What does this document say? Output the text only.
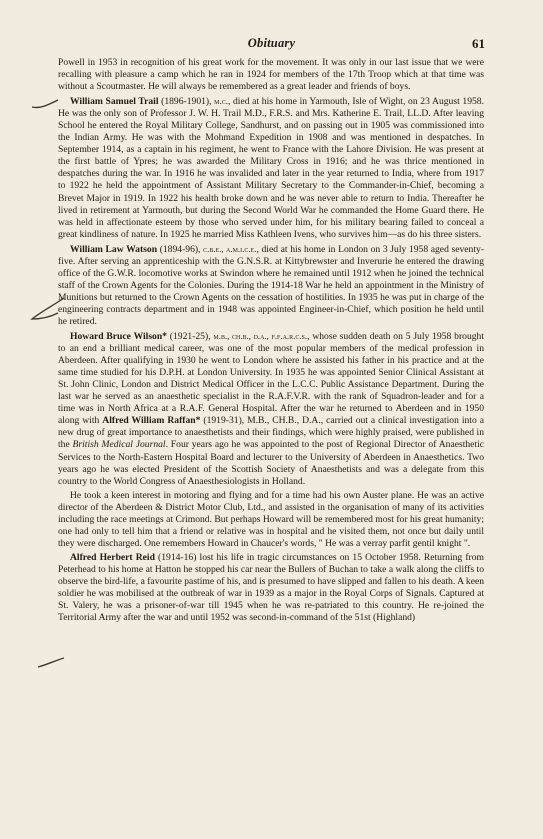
Obituary	61

Powell in 1953 in recognition of his great work for the movement. It was only in our last issue that we were recalling with pleasure a camp which he ran in 1924 for members of the 17th Troop which at that time was without a Scoutmaster. He will always be remembered as a great leader and friends of boys.

William Samuel Trail (1896-1901), m.c., died at his home in Yarmouth, Isle of Wight, on 23 August 1958. He was the only son of Professor J. W. H. Trail M.D., F.R.S. and Mrs. Katherine E. Trail, LL.D. After leaving School he entered the Royal Military College, Sandhurst, and on passing out in 1905 was commissioned into the Indian Army. He was with the Mohmand Expedition in 1908 and was mentioned in despatches. In September 1914, as a captain in his regiment, he went to France with the Lahore Division. He was present at the first battle of Ypres; he was awarded the Military Cross in 1916; and he was thrice mentioned in despatches during the war. In 1916 he was invalided and later in the year returned to India, where from 1917 to 1922 he held the appointment of Assistant Military Secretary to the Commander-in-Chief, becoming a Brevet Major in 1919. In 1922 his health broke down and he was never able to return to India. Thereafter he lived in retirement at Yarmouth, but during the Second World War he commanded the Home Guard there. He was held in affectionate esteem by those who served under him, for his military bearing failed to conceal a great kindliness of nature. In 1925 he married Miss Kathleen Ivens, who survives him—as do his three sisters.

William Law Watson (1894-96), c.b.e., a.m.i.c.e., died at his home in London on 3 July 1958 aged seventy-five. After serving an apprenticeship with the G.N.S.R. at Kittybrewster and Inverurie he entered the drawing office of the G.W.R. locomotive works at Swindon where he remained until 1912 when he joined the technical staff of the Crown Agents for the Colonies. During the 1914-18 War he held an appointment in the Ministry of Munitions but returned to the Crown Agents on the cessation of hostilities. In 1935 he was put in charge of the engineering contracts department and in 1948 was appointed Engineer-in-Chief, which position he held until he retired.

Howard Bruce Wilson* (1921-25), m.b., ch.b., d.a., f.f.a.r.c.s., whose sudden death on 5 July 1958 brought to an end a brilliant medical career, was one of the most popular members of the medical profession in Aberdeen. After qualifying in 1930 he went to London where he assisted his father in his practice and at the same time studied for his D.P.H. at London University. In 1935 he was appointed Senior Clinical Assistant at St. John Clinic, London and District Medical Officer in the L.C.C. Public Assistance Department. During the last war he served as an anaesthetic specialist in the R.A.F.V.R. with the rank of Squadron-leader and for a time was in North Africa at a R.A.F. General Hospital. After the war he returned to Aberdeen and in 1950 along with Alfred William Raffan* (1919-31), M.B., CH.B., D.A., carried out a clinical investigation into a new drug of great importance to anaesthetists and their findings, which were highly praised, were published in the British Medical Journal. Four years ago he was appointed to the post of Regional Director of Anaesthetic Services to the North-Eastern Hospital Board and lecturer to the University of Aberdeen in Anaesthetics. Two years ago he was elected President of the Scottish Society of Anaesthetists and was a delegate from this country to the World Congress of Anaesthesiologists in Holland.

He took a keen interest in motoring and flying and for a time had his own Auster plane. He was an active director of the Aberdeen & District Motor Club, Ltd., and assisted in the organisation of many of its activities including the race meetings at Crimond. But perhaps Howard will be remembered most for his great humanity; one had only to tell him that a friend or relative was in hospital and he visited them, not once but daily until they were discharged. One remembers Howard in Chaucer's words, " He was a verray parfit gentil knight ".

Alfred Herbert Reid (1914-16) lost his life in tragic circumstances on 15 October 1958. Returning from Peterhead to his home at Hatton he stopped his car near the Bullers of Buchan to take a walk along the cliffs to observe the bird-life, a favourite pastime of his, and is presumed to have slipped and fallen to his death. A keen soldier he was mobilised at the outbreak of war in 1939 as a major in the Royal Corps of Signals. Captured at St. Valery, he was a prisoner-of-war till 1945 when he was re-patriated to this country. He re-joined the Territorial Army after the war and until 1952 was second-in-command of the 51st (Highland)
